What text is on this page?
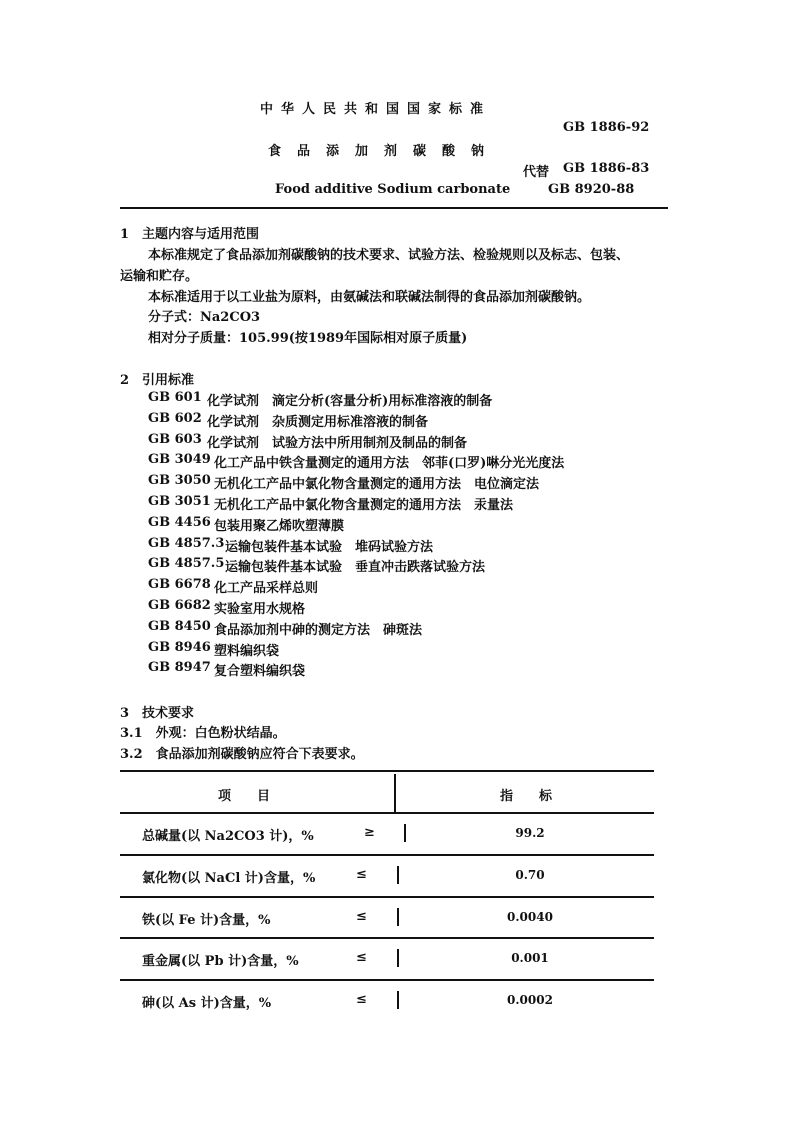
中华人民共和国国家标准
GB 1886-92
食品添加剂碳酸钠
代替 GB 1886-83
Food additive Sodium carbonate	GB 8920-88
1　主题内容与适用范围
本标准规定了食品添加剂碳酸钠的技术要求、试验方法、检验规则以及标志、包装、
运输和贮存。
本标准适用于以工业盐为原料，由氨碱法和联碱法制得的食品添加剂碳酸钠。
分子式：Na2CO3
相对分子质量：105.99(按1989年国际相对原子质量)
2　引用标准
GB 601 化学试剂　滴定分析(容量分析)用标准溶液的制备
GB 602 化学试剂　杂质测定用标准溶液的制备
GB 603 化学试剂　试验方法中所用制剂及制品的制备
GB 3049 化工产品中铁含量测定的通用方法　邻菲(口罗)啉分光光度法
GB 3050 无机化工产品中氯化物含量测定的通用方法　电位滴定法
GB 3051 无机化工产品中氯化物含量测定的通用方法　汞量法
GB 4456 包装用聚乙烯吹塑薄膜
GB 4857.3 运输包装件基本试验　堆码试验方法
GB 4857.5 运输包装件基本试验　垂直冲击跌落试验方法
GB 6678 化工产品采样总则
GB 6682 实验室用水规格
GB 8450 食品添加剂中砷的测定方法　砷斑法
GB 8946 塑料编织袋
GB 8947 复合塑料编织袋
3　技术要求
3.1　外观：白色粉状结晶。
3.2　食品添加剂碳酸钠应符合下表要求。
项　　目	指　　标
总碱量(以 Na2CO3 计)，%	≥	99.2
氯化物(以 NaCl 计)含量，%	≤	0.70
铁(以 Fe 计)含量，%	≤	0.0040
重金属(以 Pb 计)含量，%	≤	0.001
砷(以 As 计)含量，%	≤	0.0002
